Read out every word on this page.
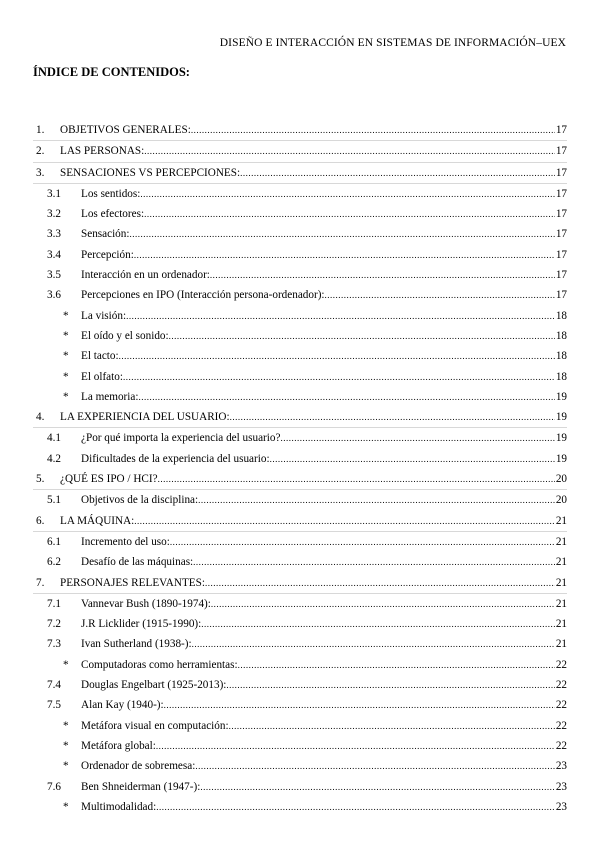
DISEÑO E INTERACCIÓN EN SISTEMAS DE INFORMACIÓN–UEX
ÍNDICE DE CONTENIDOS:
1. OBJETIVOS GENERALES: .....	17
2. LAS PERSONAS: .....	17
3. SENSACIONES VS PERCEPCIONES: .....	17
3.1 Los sentidos: .....	17
3.2 Los efectores: .....	17
3.3 Sensación: .....	17
3.4 Percepción: .....	17
3.5 Interacción en un ordenador: .....	17
3.6 Percepciones en IPO (Interacción persona-ordenador): .....	17
* La visión: .....	18
* El oído y el sonido: .....	18
* El tacto: .....	18
* El olfato: .....	18
* La memoria: .....	19
4. LA EXPERIENCIA DEL USUARIO: .....	19
4.1 ¿Por qué importa la experiencia del usuario? .....	19
4.2 Dificultades de la experiencia del usuario: .....	19
5. ¿QUÉ ES IPO / HCI? .....	20
5.1 Objetivos de la disciplina: .....	20
6. LA MÁQUINA: .....	21
6.1 Incremento del uso: .....	21
6.2 Desafío de las máquinas: .....	21
7. PERSONAJES RELEVANTES: .....	21
7.1 Vannevar Bush (1890-1974): .....	21
7.2 J.R Licklider (1915-1990): .....	21
7.3 Ivan Sutherland (1938-): .....	21
* Computadoras como herramientas: .....	22
7.4 Douglas Engelbart (1925-2013): .....	22
7.5 Alan Kay (1940-): .....	22
* Metáfora visual en computación: .....	22
* Metáfora global: .....	22
* Ordenador de sobremesa: .....	23
7.6 Ben Shneiderman (1947-): .....	23
* Multimodalidad: .....	23
